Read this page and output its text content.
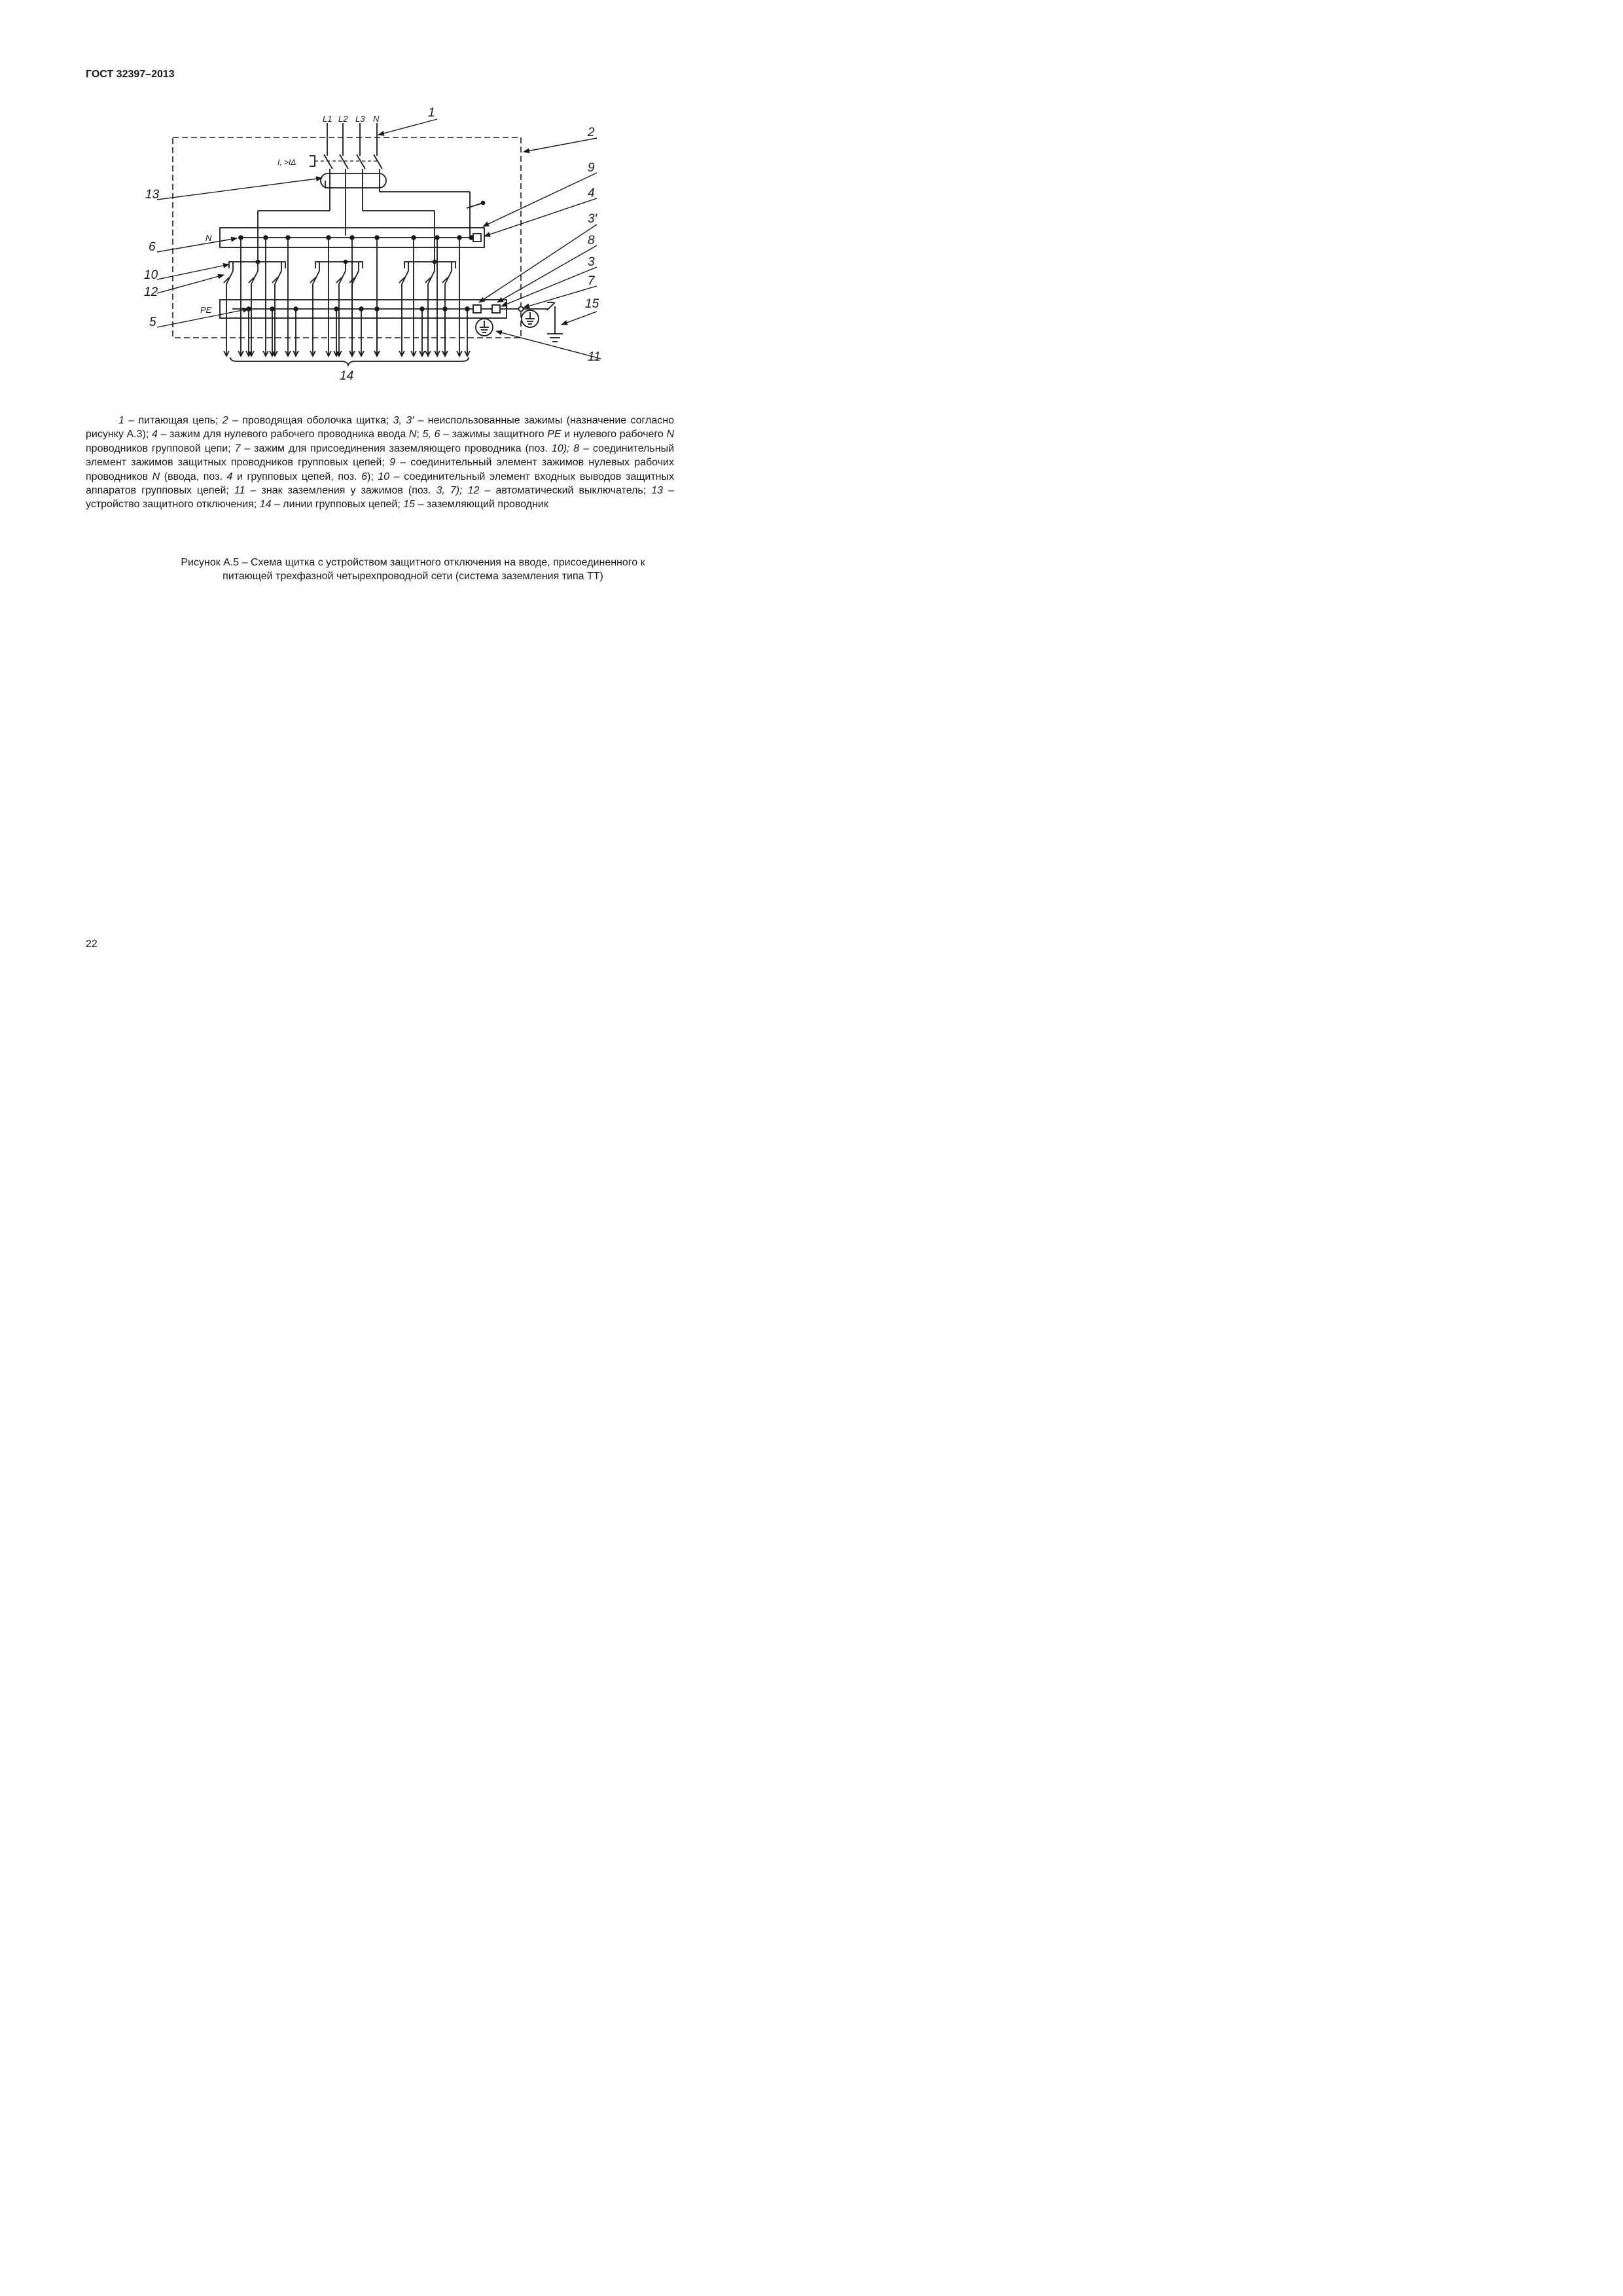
ГОСТ 32397–2013
L1 L2 L3 N
I, >IΔ
N
PE
1
2
9
4
13
6
3′
8
3
10	7
12
15
5
11
14
1 – питающая цепь; 2 – проводящая оболочка щитка; 3, 3′ – неиспользованные зажимы (назначение согласно рисунку А.3); 4 – зажим для нулевого рабочего проводника ввода N; 5, 6 – зажимы защитного PE и нулевого рабочего N проводников групповой цепи; 7 – зажим для присоединения заземляющего проводника (поз. 10); 8 – соединительный элемент зажимов защитных проводников групповых цепей; 9 – соединительный элемент зажимов нулевых рабочих проводников N (ввода, поз. 4 и групповых цепей, поз. 6); 10 – соединительный элемент входных выводов защитных аппаратов групповых цепей; 11 – знак заземления у зажимов (поз. 3, 7); 12 – автоматический выключатель; 13 – устройство защитного отключения; 14 – линии групповых цепей; 15 – заземляющий проводник
Рисунок А.5 – Схема щитка с устройством защитного отключения на вводе, присоединенного к
питающей трехфазной четырехпроводной сети (система заземления типа ТТ)
22
